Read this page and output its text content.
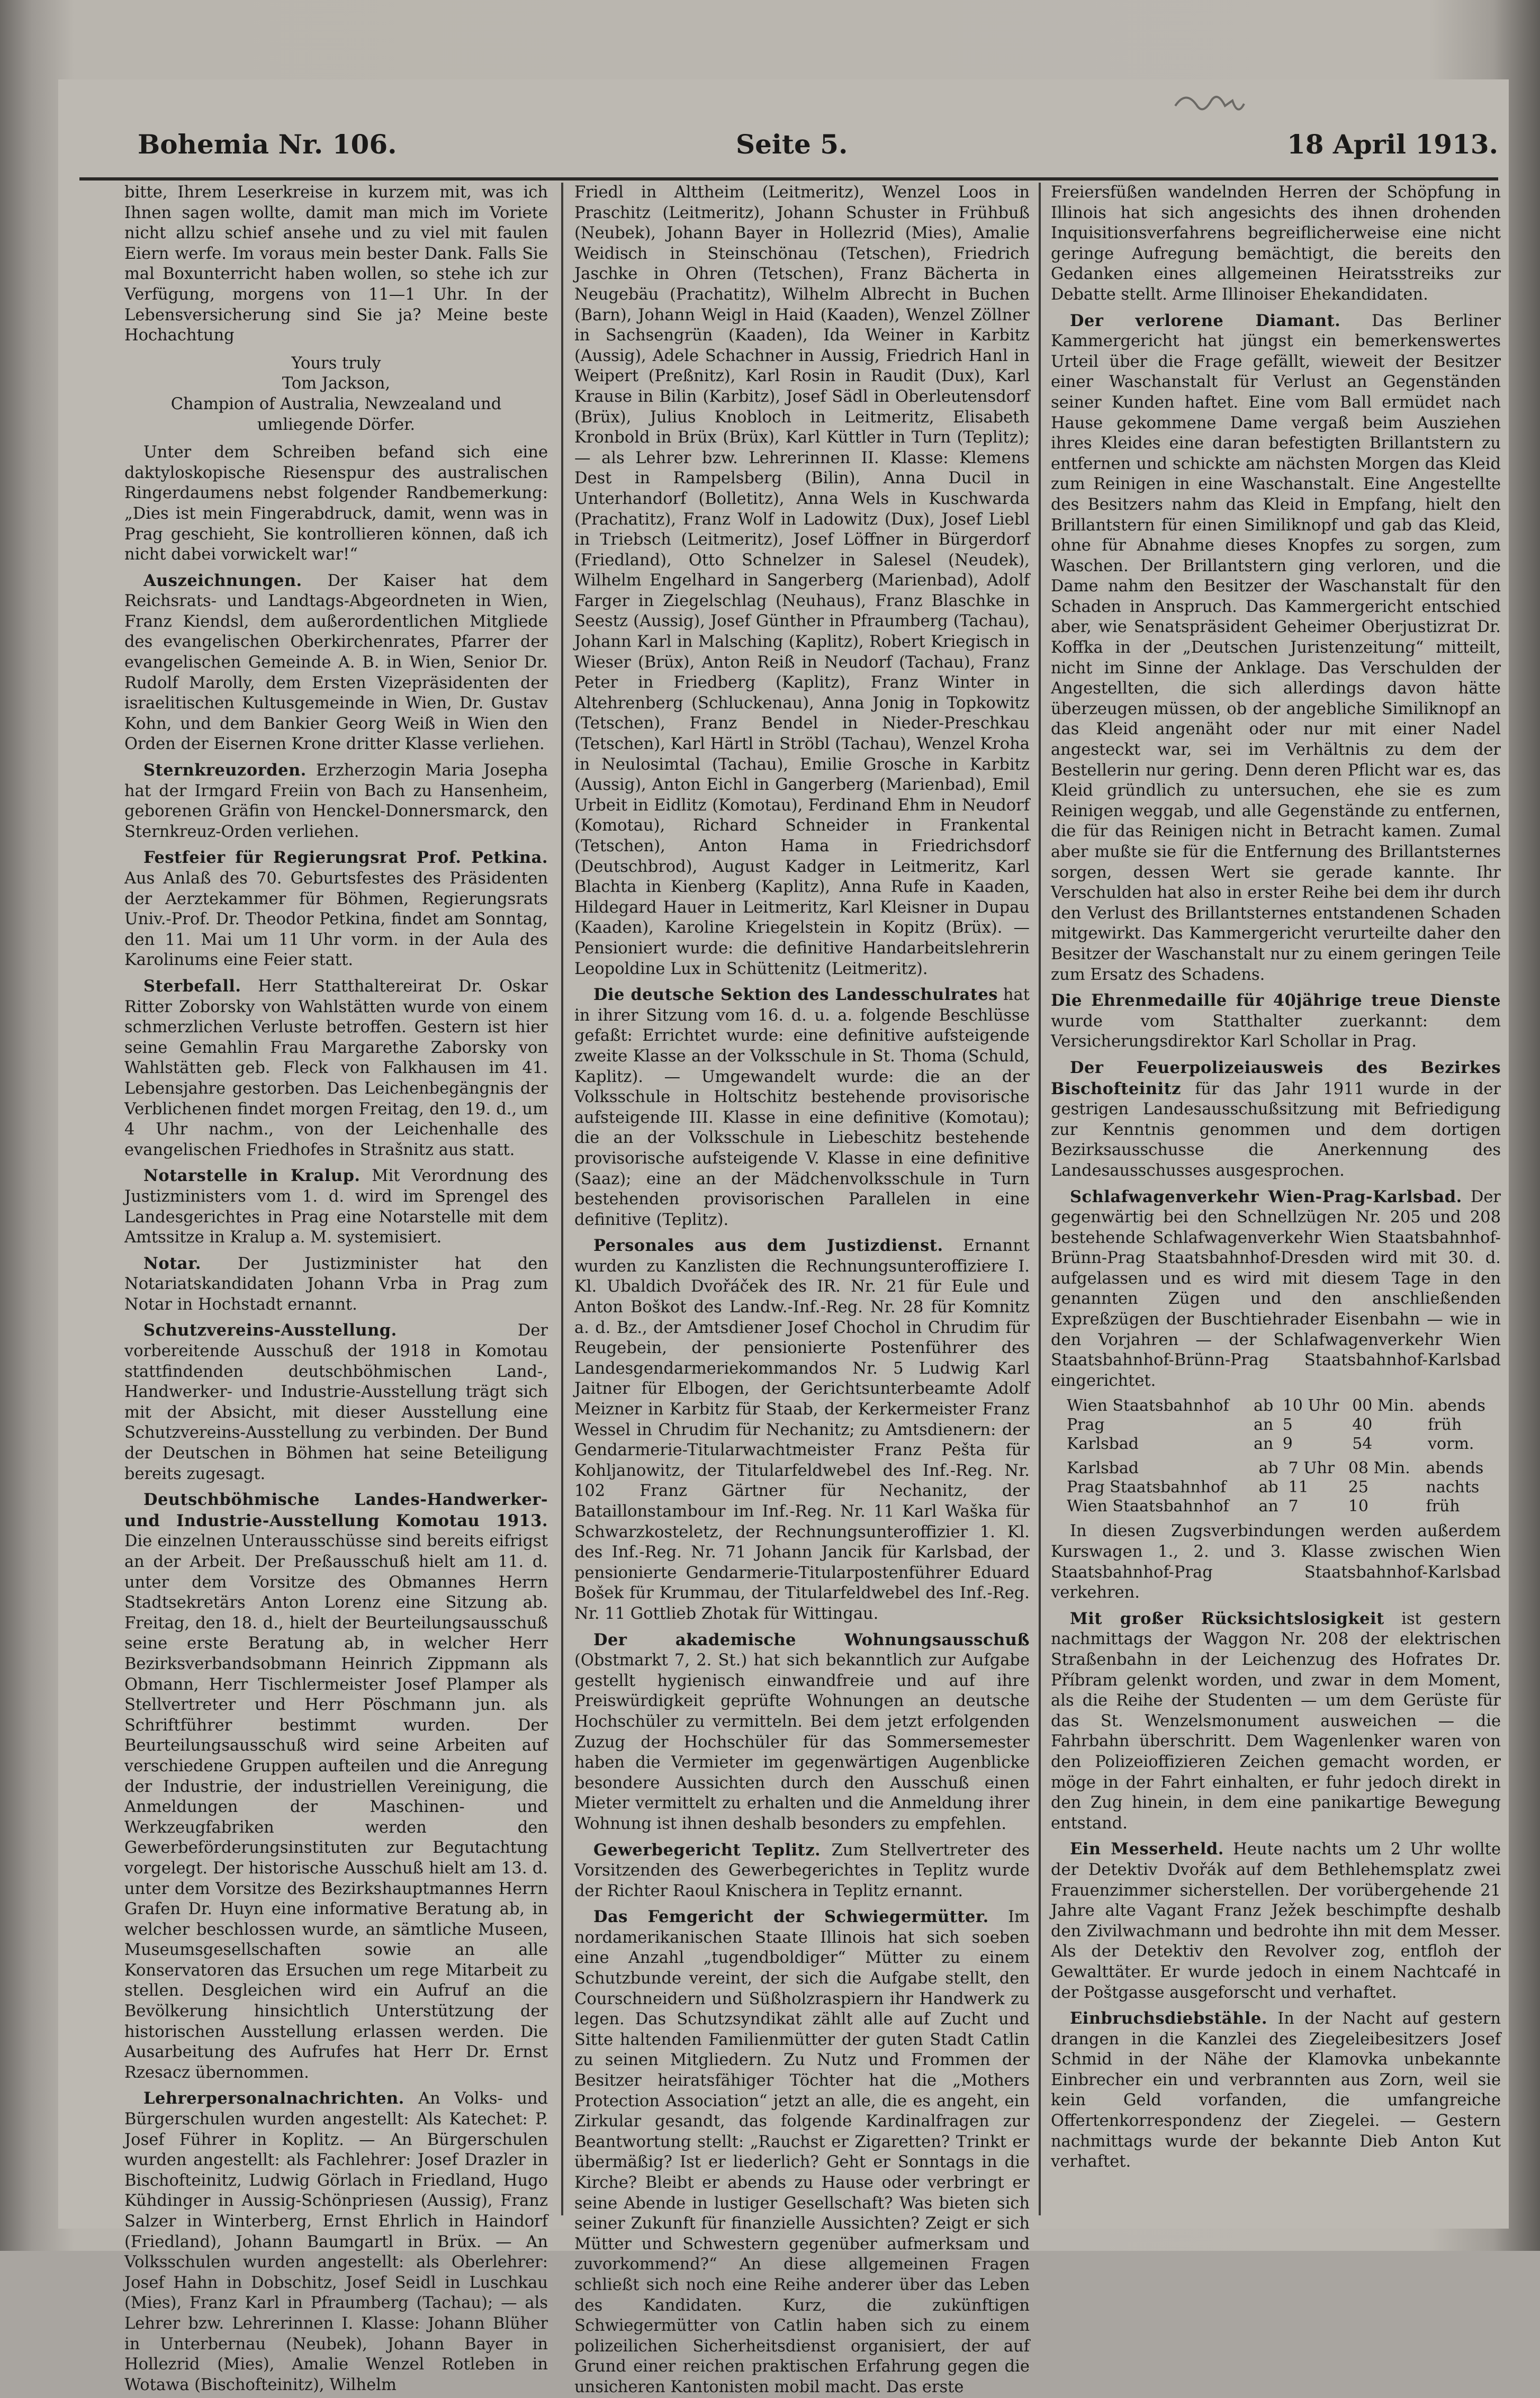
Bohemia Nr. 106.	Seite 5.	18 April 1913.

bitte, Ihrem Leserkreise in kurzem mit, was ich Ihnen sagen wollte, damit man mich im Voriete nicht allzu schief ansehe und zu viel mit faulen Eiern werfe. Im voraus mein bester Dank. Falls Sie mal Boxunterricht haben wollen, so stehe ich zur Verfügung, morgens von 11—1 Uhr. In der Lebensversicherung sind Sie ja? Meine beste Hochachtung

Yours truly
Tom Jackson,
Champion of Australia, Newzealand und umliegende Dörfer.

Unter dem Schreiben befand sich eine daktyloskopische Riesenspur des australischen Ringerdaumens nebst folgender Randbemerkung: „Dies ist mein Fingerabdruck, damit, wenn was in Prag geschieht, Sie kontrollieren können, daß ich nicht dabei vorwickelt war!“

Auszeichnungen. Der Kaiser hat dem Reichsrats- und Landtags-Abgeordneten in Wien, Franz Kiendsl, dem außerordentlichen Mitgliede des evangelischen Oberkirchenrates, Pfarrer der evangelischen Gemeinde A. B. in Wien, Senior Dr. Rudolf Marolly, dem Ersten Vizepräsidenten der israelitischen Kultusgemeinde in Wien, Dr. Gustav Kohn, und dem Bankier Georg Weiß in Wien den Orden der Eisernen Krone dritter Klasse verliehen.

Sternkreuzorden. Erzherzogin Maria Josepha hat der Irmgard Freiin von Bach zu Hansenheim, geborenen Gräfin von Henckel-Donnersmarck, den Sternkreuz-Orden verliehen.

Festfeier für Regierungsrat Prof. Petkina. Aus Anlaß des 70. Geburtsfestes des Präsidenten der Aerztekammer für Böhmen, Regierungsrats Univ.-Prof. Dr. Theodor Petkina, findet am Sonntag, den 11. Mai um 11 Uhr vorm. in der Aula des Karolinums eine Feier statt.

Sterbefall. Herr Statthaltereirat Dr. Oskar Ritter Zoborsky von Wahlstätten wurde von einem schmerzlichen Verluste betroffen. Gestern ist hier seine Gemahlin Frau Margarethe Zaborsky von Wahlstätten geb. Fleck von Falkhausen im 41. Lebensjahre gestorben. Das Leichenbegängnis der Verblichenen findet morgen Freitag, den 19. d., um 4 Uhr nachm., von der Leichenhalle des evangelischen Friedhofes in Strašnitz aus statt.

Notarstelle in Kralup. Mit Verordnung des Justizministers vom 1. d. wird im Sprengel des Landesgerichtes in Prag eine Notarstelle mit dem Amtssitze in Kralup a. M. systemisiert.

Notar. Der Justizminister hat den Notariatskandidaten Johann Vrba in Prag zum Notar in Hochstadt ernannt.

Schutzvereins-Ausstellung.	Der vorbereitende Ausschuß der 1918 in Komotau stattfindenden deutschböhmischen Land-, Handwerker- und Industrie-Ausstellung trägt sich mit der Absicht, mit dieser Ausstellung eine Schutzvereins-Ausstellung zu verbinden. Der Bund der Deutschen in Böhmen hat seine Beteiligung bereits zugesagt.

Deutschböhmische Landes-Handwerker- und Industrie-Ausstellung Komotau 1913. Die einzelnen Unterausschüsse sind bereits eifrigst an der Arbeit. Der Preßausschuß hielt am 11. d. unter dem Vorsitze des Obmannes Herrn Stadtsekretärs Anton Lorenz eine Sitzung ab. Freitag, den 18. d., hielt der Beurteilungsausschuß seine erste Beratung ab, in welcher Herr Bezirksverbandsobmann Heinrich Zippmann als Obmann, Herr Tischlermeister Josef Plamper als Stellvertreter und Herr Pöschmann jun. als Schriftführer bestimmt wurden. Der Beurteilungsausschuß wird seine Arbeiten auf verschiedene Gruppen aufteilen und die Anregung der Industrie, der industriellen Vereinigung, die Anmeldungen der Maschinen- und Werkzeugfabriken werden den Gewerbeförderungsinstituten zur Begutachtung vorgelegt. Der historische Ausschuß hielt am 13. d. unter dem Vorsitze des Bezirkshauptmannes Herrn Grafen Dr. Huyn eine informative Beratung ab, in welcher beschlossen wurde, an sämtliche Museen, Museumsgesellschaften sowie an alle Konservatoren das Ersuchen um rege Mitarbeit zu stellen. Desgleichen wird ein Aufruf an die Bevölkerung hinsichtlich Unterstützung der historischen Ausstellung erlassen werden. Die Ausarbeitung des Aufrufes hat Herr Dr. Ernst Rzesacz übernommen.

Lehrerpersonalnachrichten. An Volks- und Bürgerschulen wurden angestellt: Als Katechet: P. Josef Führer in Koplitz. — An Bürgerschulen wurden angestellt: als Fachlehrer: Josef Drazler in Bischofteinitz, Ludwig Görlach in Friedland, Hugo Kühdinger in Aussig-Schönpriesen (Aussig), Franz Salzer in Winterberg, Ernst Ehrlich in Haindorf (Friedland), Johann Baumgartl in Brüx. — An Volksschulen wurden angestellt: als Oberlehrer: Josef Hahn in Dobschitz, Josef Seidl in Luschkau (Mies), Franz Karl in Pfraumberg (Tachau); — als Lehrer bzw. Lehrerinnen I. Klasse: Johann Blüher in Unterbernau (Neubek), Johann Bayer in Hollezrid (Mies), Amalie Wenzel Rotleben in Wotawa (Bischofteinitz), Wilhelm

Friedl in Alttheim (Leitmeritz), Wenzel Loos in Praschitz (Leitmeritz), Johann Schuster in Frühbuß (Neubek), Johann Bayer in Hollezrid (Mies), Amalie Weidisch in Steinschönau (Tetschen), Friedrich Jaschke in Ohren (Tetschen), Franz Bächerta in Neugebäu (Prachatitz), Wilhelm Albrecht in Buchen (Barn), Johann Weigl in Haid (Kaaden), Wenzel Zöllner in Sachsengrün (Kaaden), Ida Weiner in Karbitz (Aussig), Adele Schachner in Aussig, Friedrich Hanl in Weipert (Preßnitz), Karl Rosin in Raudit (Dux), Karl Krause in Bilin (Karbitz), Josef Sädl in Oberleutensdorf (Brüx), Julius Knobloch in Leitmeritz, Elisabeth Kronbold in Brüx (Brüx), Karl Küttler in Turn (Teplitz); — als Lehrer bzw. Lehrerinnen II. Klasse: Klemens Dest in Rampelsberg (Bilin), Anna Ducil in Unterhandorf (Bolletitz), Anna Wels in Kuschwarda (Prachatitz), Franz Wolf in Ladowitz (Dux), Josef Liebl in Triebsch (Leitmeritz), Josef Löffner in Bürgerdorf (Friedland), Otto Schnelzer in Salesel (Neudek), Wilhelm Engelhard in Sangerberg (Marienbad), Adolf Farger in Ziegelschlag (Neuhaus), Franz Blaschke in Seestz (Aussig), Josef Günther in Pfraumberg (Tachau), Johann Karl in Malsching (Kaplitz), Robert Kriegisch in Wieser (Brüx), Anton Reiß in Neudorf (Tachau), Franz Peter in Friedberg (Kaplitz), Franz Winter in Altehrenberg (Schluckenau), Anna Jonig in Topkowitz (Tetschen), Franz Bendel in Nieder-Preschkau (Tetschen), Karl Härtl in Ströbl (Tachau), Wenzel Kroha in Neulosimtal (Tachau), Emilie Grosche in Karbitz (Aussig), Anton Eichl in Gangerberg (Marienbad), Emil Urbeit in Eidlitz (Komotau), Ferdinand Ehm in Neudorf (Komotau), Richard Schneider in Frankental (Tetschen), Anton Hama in Friedrichsdorf (Deutschbrod), August Kadger in Leitmeritz, Karl Blachta in Kienberg (Kaplitz), Anna Rufe in Kaaden, Hildegard Hauer in Leitmeritz, Karl Kleisner in Dupau (Kaaden), Karoline Kriegelstein in Kopitz (Brüx). — Pensioniert wurde: die definitive Handarbeitslehrerin Leopoldine Lux in Schüttenitz (Leitmeritz).

Die deutsche Sektion des Landesschulrates hat in ihrer Sitzung vom 16. d. u. a. folgende Beschlüsse gefaßt: Errichtet wurde: eine definitive aufsteigende zweite Klasse an der Volksschule in St. Thoma (Schuld, Kaplitz). — Umgewandelt wurde: die an der Volksschule in Holtschitz bestehende provisorische aufsteigende III. Klasse in eine definitive (Komotau); die an der Volksschule in Liebeschitz bestehende provisorische aufsteigende V. Klasse in eine definitive (Saaz); eine an der Mädchenvolksschule in Turn bestehenden provisorischen Parallelen in eine definitive (Teplitz).

Personales aus dem Justizdienst. Ernannt wurden zu Kanzlisten die Rechnungsunteroffiziere I. Kl. Ubaldich Dvořáček des IR. Nr. 21 für Eule und Anton Boškot des Landw.-Inf.-Reg. Nr. 28 für Komnitz a. d. Bz., der Amtsdiener Josef Chochol in Chrudim für Reugebein, der pensionierte Postenführer des Landesgendarmeriekommandos Nr. 5 Ludwig Karl Jaitner für Elbogen, der Gerichtsunterbeamte Adolf Meizner in Karbitz für Staab, der Kerkermeister Franz Wessel in Chrudim für Nechanitz; zu Amtsdienern: der Gendarmerie-Titularwachtmeister Franz Pešta für Kohljanowitz, der Titularfeldwebel des Inf.-Reg. Nr. 102 Franz Gärtner für Nechanitz, der Bataillonstambour im Inf.-Reg. Nr. 11 Karl Waška für Schwarzkosteletz, der Rechnungsunteroffizier 1. Kl. des Inf.-Reg. Nr. 71 Johann Jancik für Karlsbad, der pensionierte Gendarmerie-Titularpostenführer Eduard Bošek für Krummau, der Titularfeldwebel des Inf.-Reg. Nr. 11 Gottlieb Zhotak für Wittingau.

Der akademische Wohnungsausschuß (Obstmarkt 7, 2. St.) hat sich bekanntlich zur Aufgabe gestellt hygienisch einwandfreie und auf ihre Preiswürdigkeit geprüfte Wohnungen an deutsche Hochschüler zu vermitteln. Bei dem jetzt erfolgenden Zuzug der Hochschüler für das Sommersemester haben die Vermieter im gegenwärtigen Augenblicke besondere Aussichten durch den Ausschuß einen Mieter vermittelt zu erhalten und die Anmeldung ihrer Wohnung ist ihnen deshalb besonders zu empfehlen.

Gewerbegericht Teplitz. Zum Stellvertreter des Vorsitzenden des Gewerbegerichtes in Teplitz wurde der Richter Raoul Knischera in Teplitz ernannt.

Das Femgericht der Schwiegermütter. Im nordamerikanischen Staate Illinois hat sich soeben eine Anzahl „tugendboldiger“ Mütter zu einem Schutzbunde vereint, der sich die Aufgabe stellt, den Courschneidern und Süßholzraspiern ihr Handwerk zu legen. Das Schutzsyndikat zählt alle auf Zucht und Sitte haltenden Familienmütter der guten Stadt Catlin zu seinen Mitgliedern. Zu Nutz und Frommen der Besitzer heiratsfähiger Töchter hat die „Mothers Protection Association“ jetzt an alle, die es angeht, ein Zirkular gesandt, das folgende Kardinalfragen zur Beantwortung stellt: „Rauchst er Zigaretten? Trinkt er übermäßig? Ist er liederlich? Geht er Sonntags in die Kirche? Bleibt er abends zu Hause oder verbringt er seine Abende in lustiger Gesellschaft? Was bieten sich seiner Zukunft für finanzielle Aussichten? Zeigt er sich Mütter und Schwestern gegenüber aufmerksam und zuvorkommend?“ An diese allgemeinen Fragen schließt sich noch eine Reihe anderer über das Leben des Kandidaten. Kurz, die zukünftigen Schwiegermütter von Catlin haben sich zu einem polizeilichen Sicherheitsdienst organisiert, der auf Grund einer reichen praktischen Erfahrung gegen die unsicheren Kantonisten mobil macht. Das erste

Freiersfüßen wandelnden Herren der Schöpfung in Illinois hat sich angesichts des ihnen drohenden Inquisitionsverfahrens begreiflicherweise eine nicht geringe Aufregung bemächtigt, die bereits den Gedanken eines allgemeinen Heiratsstreiks zur Debatte stellt. Arme Illinoiser Ehekandidaten.

Der verlorene Diamant. Das Berliner Kammergericht hat jüngst ein bemerkenswertes Urteil über die Frage gefällt, wieweit der Besitzer einer Waschanstalt für Verlust an Gegenständen seiner Kunden haftet. Eine vom Ball ermüdet nach Hause gekommene Dame vergaß beim Ausziehen ihres Kleides eine daran befestigten Brillantstern zu entfernen und schickte am nächsten Morgen das Kleid zum Reinigen in eine Waschanstalt. Eine Angestellte des Besitzers nahm das Kleid in Empfang, hielt den Brillantstern für einen Similiknopf und gab das Kleid, ohne für Abnahme dieses Knopfes zu sorgen, zum Waschen. Der Brillantstern ging verloren, und die Dame nahm den Besitzer der Waschanstalt für den Schaden in Anspruch. Das Kammergericht entschied aber, wie Senatspräsident Geheimer Oberjustizrat Dr. Koffka in der „Deutschen Juristenzeitung“ mitteilt, nicht im Sinne der Anklage. Das Verschulden der Angestellten, die sich allerdings davon hätte überzeugen müssen, ob der angebliche Similiknopf an das Kleid angenäht oder nur mit einer Nadel angesteckt war, sei im Verhältnis zu dem der Bestellerin nur gering. Denn deren Pflicht war es, das Kleid gründlich zu untersuchen, ehe sie es zum Reinigen weggab, und alle Gegenstände zu entfernen, die für das Reinigen nicht in Betracht kamen. Zumal aber mußte sie für die Entfernung des Brillantsternes sorgen, dessen Wert sie gerade kannte. Ihr Verschulden hat also in erster Reihe bei dem ihr durch den Verlust des Brillantsternes entstandenen Schaden mitgewirkt. Das Kammergericht verurteilte daher den Besitzer der Waschanstalt nur zu einem geringen Teile zum Ersatz des Schadens.

Die Ehrenmedaille für 40jährige treue Dienste wurde vom Statthalter zuerkannt: dem Versicherungsdirektor Karl Schollar in Prag.

Der Feuerpolizeiausweis des Bezirkes Bischofteinitz für das Jahr 1911 wurde in der gestrigen Landesausschußsitzung mit Befriedigung zur Kenntnis genommen und dem dortigen Bezirksausschusse die Anerkennung des Landesausschusses ausgesprochen.

Schlafwagenverkehr Wien-Prag-Karlsbad. Der gegenwärtig bei den Schnellzügen Nr. 205 und 208 bestehende Schlafwagenverkehr Wien Staatsbahnhof-Brünn-Prag Staatsbahnhof-Dresden wird mit 30. d. aufgelassen und es wird mit diesem Tage in den genannten Zügen und den anschließenden Expreßzügen der Buschtiehrader Eisenbahn — wie in den Vorjahren — der Schlafwagenverkehr Wien Staatsbahnhof-Brünn-Prag Staatsbahnhof-Karlsbad eingerichtet.

Wien Staatsbahnhof	ab	10 Uhr	00 Min.	abends
Prag	an	5	40	früh
Karlsbad	an	9	54	vorm.
Karlsbad	ab	7 Uhr	08 Min.	abends
Prag Staatsbahnhof	ab	11	25	nachts
Wien Staatsbahnhof	an	7	10	früh

In diesen Zugsverbindungen werden außerdem Kurswagen 1., 2. und 3. Klasse zwischen Wien Staatsbahnhof-Prag Staatsbahnhof-Karlsbad verkehren.

Mit großer Rücksichtslosigkeit ist gestern nachmittags der Waggon Nr. 208 der elektrischen Straßenbahn in der Leichenzug des Hofrates Dr. Příbram gelenkt worden, und zwar in dem Moment, als die Reihe der Studenten — um dem Gerüste für das St. Wenzelsmonument ausweichen — die Fahrbahn überschritt. Dem Wagenlenker waren von den Polizeioffizieren Zeichen gemacht worden, er möge in der Fahrt einhalten, er fuhr jedoch direkt in den Zug hinein, in dem eine panikartige Bewegung entstand.

Ein Messerheld. Heute nachts um 2 Uhr wollte der Detektiv Dvořák auf dem Bethlehemsplatz zwei Frauenzimmer sicherstellen. Der vorübergehende 21 Jahre alte Vagant Franz Ježek beschimpfte deshalb den Zivilwachmann und bedrohte ihn mit dem Messer. Als der Detektiv den Revolver zog, entfloh der Gewalttäter. Er wurde jedoch in einem Nachtcafé in der Poštgasse ausgeforscht und verhaftet.

Einbruchsdiebstähle. In der Nacht auf gestern drangen in die Kanzlei des Ziegeleibesitzers Josef Schmid in der Nähe der Klamovka unbekannte Einbrecher ein und verbrannten aus Zorn, weil sie kein Geld vorfanden, die umfangreiche Offertenkorrespondenz der Ziegelei. — Gestern nachmittags wurde der bekannte Dieb Anton Kut verhaftet.
